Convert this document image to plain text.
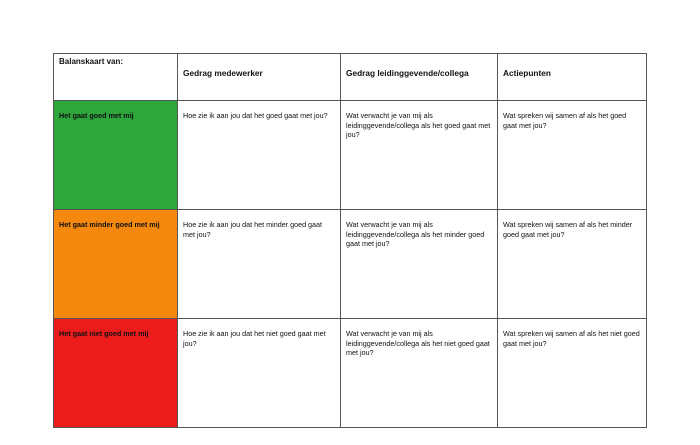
Balanskaart van:	Gedrag medewerker	Gedrag leidinggevende/collega	Actiepunten
Het gaat goed met mij	Hoe zie ik aan jou dat het goed gaat met jou?	Wat verwacht je van mij als leidinggevende/collega als het goed gaat met jou?	Wat spreken wij samen af als het goed gaat met jou?
Het gaat minder goed met mij	Hoe zie ik aan jou dat het minder goed gaat met jou?	Wat verwacht je van mij als leidinggevende/collega als het minder goed gaat met jou?	Wat spreken wij samen af als het minder goed gaat met jou?
Het gaat niet goed met mij	Hoe zie ik aan jou dat het niet goed gaat met jou?	Wat verwacht je van mij als leidinggevende/collega als het niet goed gaat met jou?	Wat spreken wij samen af als het niet goed gaat met jou?
